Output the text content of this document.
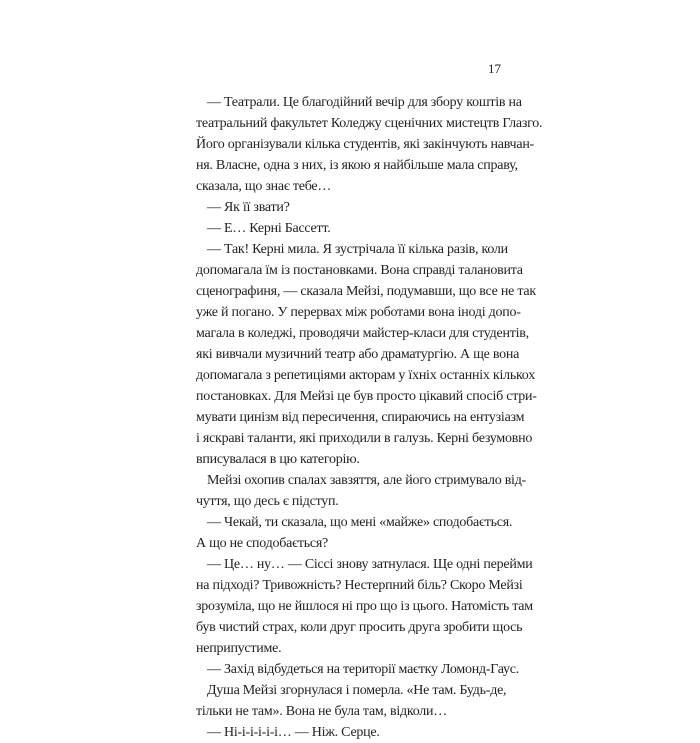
17
— Театрали. Це благодійний вечір для збору коштів на
театральний факультет Коледжу сценічних мистецтв Глазго.
Його організували кілька студентів, які закінчують навчан-
ня. Власне, одна з них, із якою я найбільше мала справу,
сказала, що знає тебе…
— Як її звати?
— Е… Керні Бассетт.
— Так! Керні мила. Я зустрічала її кілька разів, коли
допомагала їм із постановками. Вона справді талановита
сценографиня, — сказала Мейзі, подумавши, що все не так
уже й погано. У перервах між роботами вона іноді допо-
магала в коледжі, проводячи майстер-класи для студентів,
які вивчали музичний театр або драматургію. А ще вона
допомагала з репетиціями акторам у їхніх останніх кількох
постановках. Для Мейзі це був просто цікавий спосіб стри-
мувати цинізм від пересичення, спираючись на ентузіазм
і яскраві таланти, які приходили в галузь. Керні безумовно
вписувалася в цю категорію.
Мейзі охопив спалах завзяття, але його стримувало від-
чуття, що десь є підступ.
— Чекай, ти сказала, що мені «майже» сподобається.
А що не сподобається?
— Це… ну… — Сіссі знову затнулася. Ще одні перейми
на підході? Тривожність? Нестерпний біль? Скоро Мейзі
зрозуміла, що не йшлося ні про що із цього. Натомість там
був чистий страх, коли друг просить друга зробити щось
неприпустиме.
— Захід відбудеться на території маєтку Ломонд-Гаус.
Душа Мейзі згорнулася і померла. «Не там. Будь-де,
тільки не там». Вона не була там, відколи…
— Ні-і-і-і-і-і… — Ніж. Серце.
